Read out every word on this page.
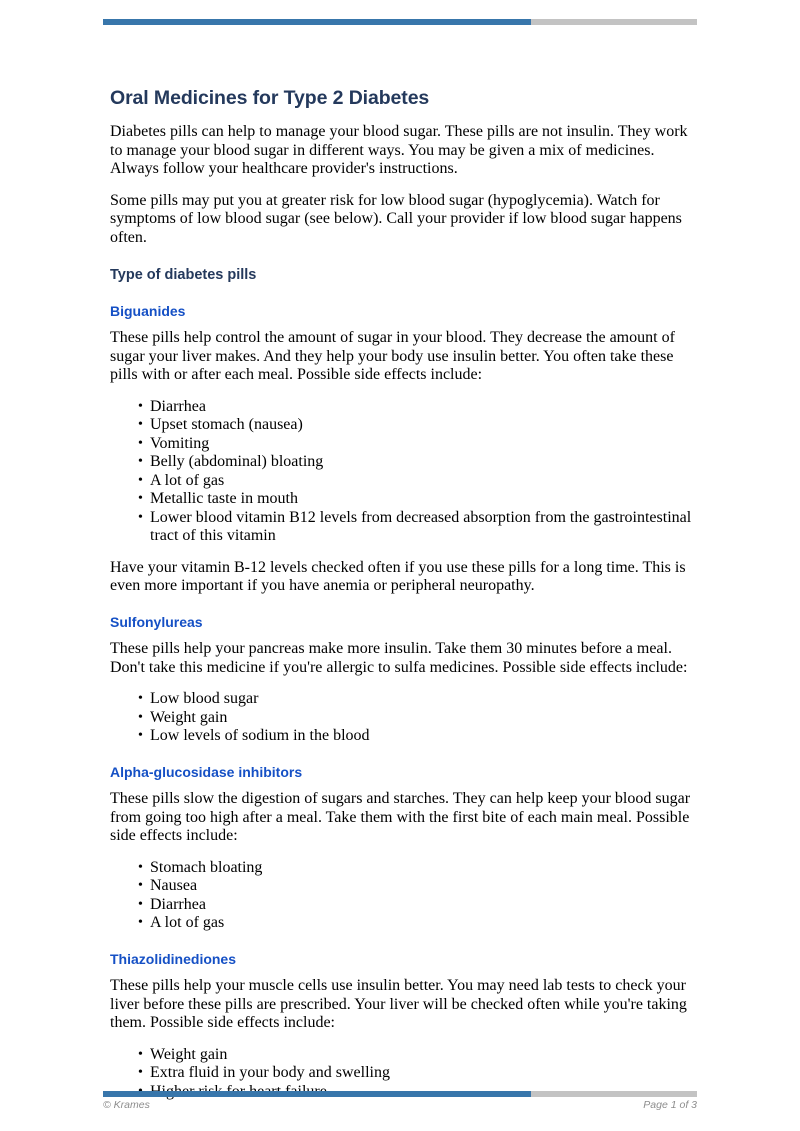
Oral Medicines for Type 2 Diabetes

Diabetes pills can help to manage your blood sugar. These pills are not insulin. They work to manage your blood sugar in different ways. You may be given a mix of medicines. Always follow your healthcare provider's instructions.

Some pills may put you at greater risk for low blood sugar (hypoglycemia). Watch for symptoms of low blood sugar (see below). Call your provider if low blood sugar happens often.

Type of diabetes pills
Biguanides

These pills help control the amount of sugar in your blood. They decrease the amount of sugar your liver makes. And they help your body use insulin better. You often take these pills with or after each meal. Possible side effects include:

• Diarrhea
• Upset stomach (nausea)
• Vomiting
• Belly (abdominal) bloating
• A lot of gas
• Metallic taste in mouth
• Lower blood vitamin B12 levels from decreased absorption from the gastrointestinal tract of this vitamin

Have your vitamin B-12 levels checked often if you use these pills for a long time. This is even more important if you have anemia or peripheral neuropathy.

Sulfonylureas

These pills help your pancreas make more insulin. Take them 30 minutes before a meal. Don't take this medicine if you're allergic to sulfa medicines. Possible side effects include:

• Low blood sugar
• Weight gain
• Low levels of sodium in the blood
Alpha-glucosidase inhibitors

These pills slow the digestion of sugars and starches. They can help keep your blood sugar from going too high after a meal. Take them with the first bite of each main meal. Possible side effects include:

• Stomach bloating
• Nausea
• Diarrhea
• A lot of gas
Thiazolidinediones

These pills help your muscle cells use insulin better. You may need lab tests to check your liver before these pills are prescribed. Your liver will be checked often while you're taking them. Possible side effects include:

• Weight gain
• Extra fluid in your body and swelling
•
© Krames	Page 1 of 3
